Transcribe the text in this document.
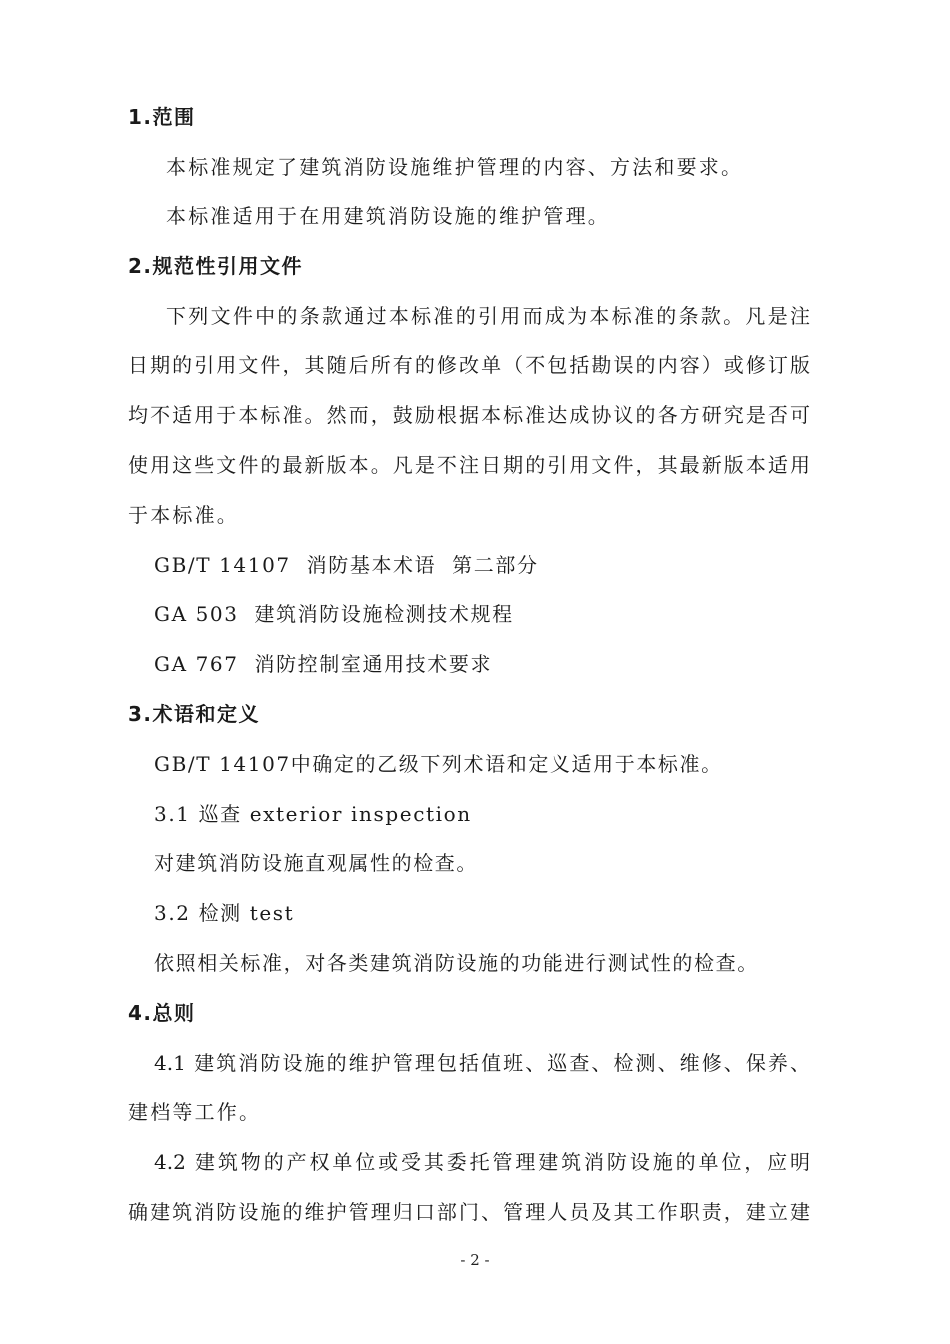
1.范围
本标准规定了建筑消防设施维护管理的内容、方法和要求。
本标准适用于在用建筑消防设施的维护管理。
2.规范性引用文件
下列文件中的条款通过本标准的引用而成为本标准的条款。凡是注
日期的引用文件，其随后所有的修改单（不包括勘误的内容）或修订版
均不适用于本标准。然而，鼓励根据本标准达成协议的各方研究是否可
使用这些文件的最新版本。凡是不注日期的引用文件，其最新版本适用
于本标准。
GB/T 14107  消防基本术语  第二部分
GA 503  建筑消防设施检测技术规程
GA 767  消防控制室通用技术要求
3.术语和定义
GB/T 14107中确定的乙级下列术语和定义适用于本标准。
3.1 巡查 exterior inspection
对建筑消防设施直观属性的检查。
3.2 检测 test
依照相关标准，对各类建筑消防设施的功能进行测试性的检查。
4.总则
4.1 建筑消防设施的维护管理包括值班、巡查、检测、维修、保养、
建档等工作。
4.2 建筑物的产权单位或受其委托管理建筑消防设施的单位，应明
确建筑消防设施的维护管理归口部门、管理人员及其工作职责，建立建
- 2 -
